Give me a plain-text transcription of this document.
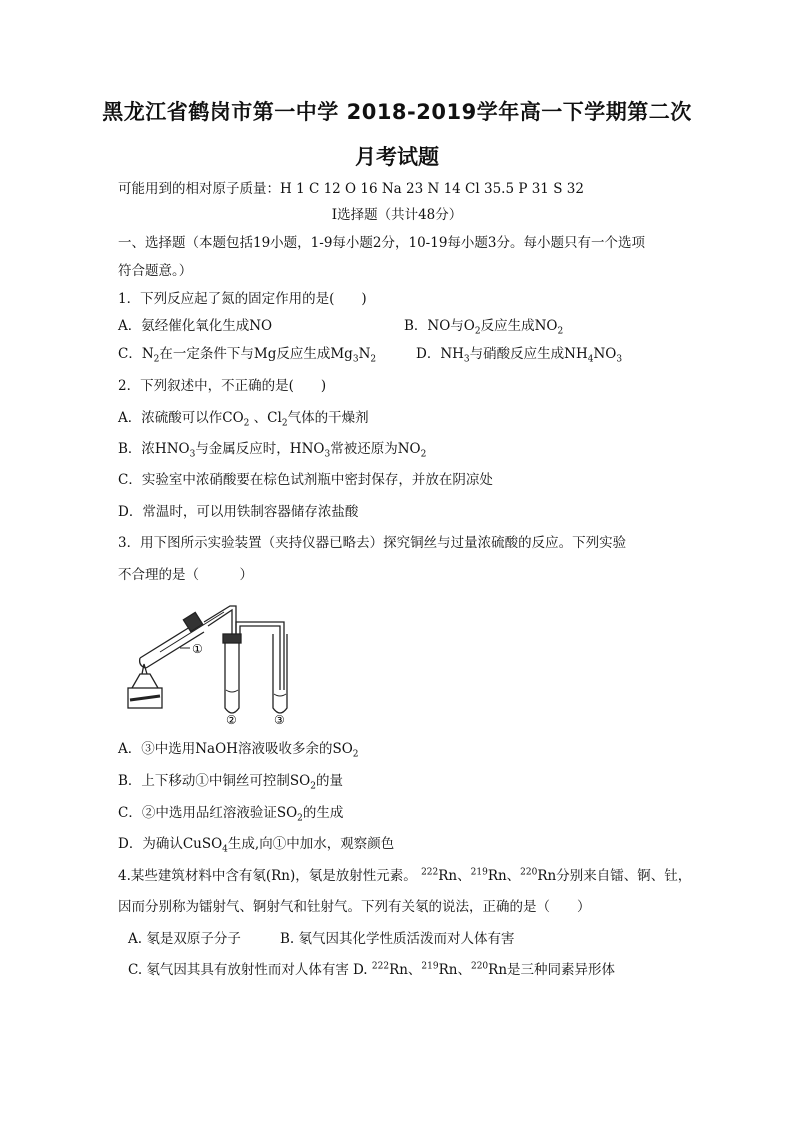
黑龙江省鹤岗市第一中学 2018-2019学年高一下学期第二次
月考试题
可能用到的相对原子质量：H 1 C 12 O 16 Na 23 N 14 Cl 35.5 P 31 S 32
I选择题（共计48分）
一、选择题（本题包括19小题，1-9每小题2分，10-19每小题3分。每小题只有一个选项
符合题意。）
1．下列反应起了氮的固定作用的是(　　)
A．氨经催化氧化生成NO	B．NO与$O_2$反应生成$NO_2$
C．$N_2$在一定条件下与Mg反应生成$Mg_3N_2$	D．$NH_3$与硝酸反应生成$NH_4NO_3$
2．下列叙述中，不正确的是(　　)
A．浓硫酸可以作$CO_2$ 、$Cl_2$气体的干燥剂
B．浓$HNO_3$与金属反应时，$HNO_3$常被还原为$NO_2$
C．实验室中浓硝酸要在棕色试剂瓶中密封保存，并放在阴凉处
D．常温时，可以用铁制容器储存浓盐酸
3．用下图所示实验装置（夹持仪器已略去）探究铜丝与过量浓硫酸的反应。下列实验
不合理的是（　　　）
①
②	③
A．③中选用NaOH溶液吸收多余的$SO_2$
B．上下移动①中铜丝可控制$SO_2$的量
C．②中选用品红溶液验证$SO_2$的生成
D．为确认CuSO$_4$生成,向①中加水，观察颜色
4.某些建筑材料中含有氡(Rn)，氡是放射性元素。 $^{222}$Rn、$^{219}$Rn、$^{220}$Rn分别来自镭、锕、钍，
因而分别称为镭射气、锕射气和钍射气。下列有关氡的说法，正确的是（　　）
A. 氡是双原子分子	B. 氡气因其化学性质活泼而对人体有害
C. 氡气因其具有放射性而对人体有害 D. $^{222}$Rn、$^{219}$Rn、$^{220}$Rn是三种同素异形体
